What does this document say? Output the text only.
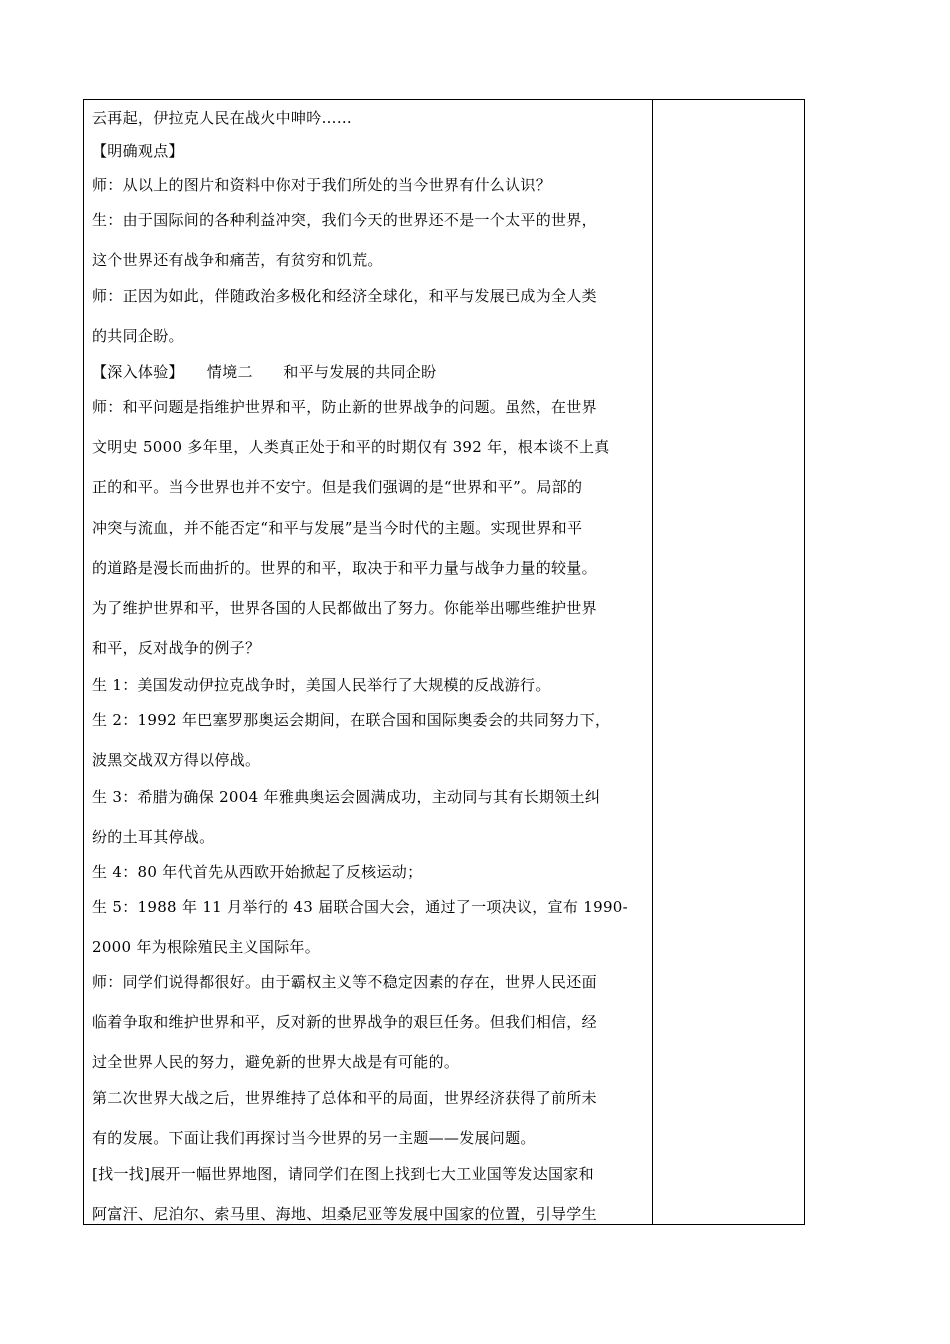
云再起，伊拉克人民在战火中呻吟……
【明确观点】
师：从以上的图片和资料中你对于我们所处的当今世界有什么认识？
生：由于国际间的各种利益冲突，我们今天的世界还不是一个太平的世界，
这个世界还有战争和痛苦，有贫穷和饥荒。
师：正因为如此，伴随政治多极化和经济全球化，和平与发展已成为全人类
的共同企盼。
【深入体验】　　情境二　　和平与发展的共同企盼
师：和平问题是指维护世界和平，防止新的世界战争的问题。虽然，在世界
文明史 5000 多年里，人类真正处于和平的时期仅有 392 年，根本谈不上真
正的和平。当今世界也并不安宁。但是我们强调的是“世界和平”。局部的
冲突与流血，并不能否定“和平与发展”是当今时代的主题。实现世界和平
的道路是漫长而曲折的。世界的和平，取决于和平力量与战争力量的较量。
为了维护世界和平，世界各国的人民都做出了努力。你能举出哪些维护世界
和平，反对战争的例子？
生 1：美国发动伊拉克战争时，美国人民举行了大规模的反战游行。
生 2：1992 年巴塞罗那奥运会期间，在联合国和国际奥委会的共同努力下，
波黑交战双方得以停战。
生 3：希腊为确保 2004 年雅典奥运会圆满成功，主动同与其有长期领土纠
纷的土耳其停战。
生 4：80 年代首先从西欧开始掀起了反核运动；
生 5：1988 年 11 月举行的 43 届联合国大会，通过了一项决议，宣布 1990-
2000 年为根除殖民主义国际年。
师：同学们说得都很好。由于霸权主义等不稳定因素的存在，世界人民还面
临着争取和维护世界和平，反对新的世界战争的艰巨任务。但我们相信，经
过全世界人民的努力，避免新的世界大战是有可能的。
第二次世界大战之后，世界维持了总体和平的局面，世界经济获得了前所未
有的发展。下面让我们再探讨当今世界的另一主题——发展问题。
[找一找]展开一幅世界地图，请同学们在图上找到七大工业国等发达国家和
阿富汗、尼泊尔、索马里、海地、坦桑尼亚等发展中国家的位置，引导学生
